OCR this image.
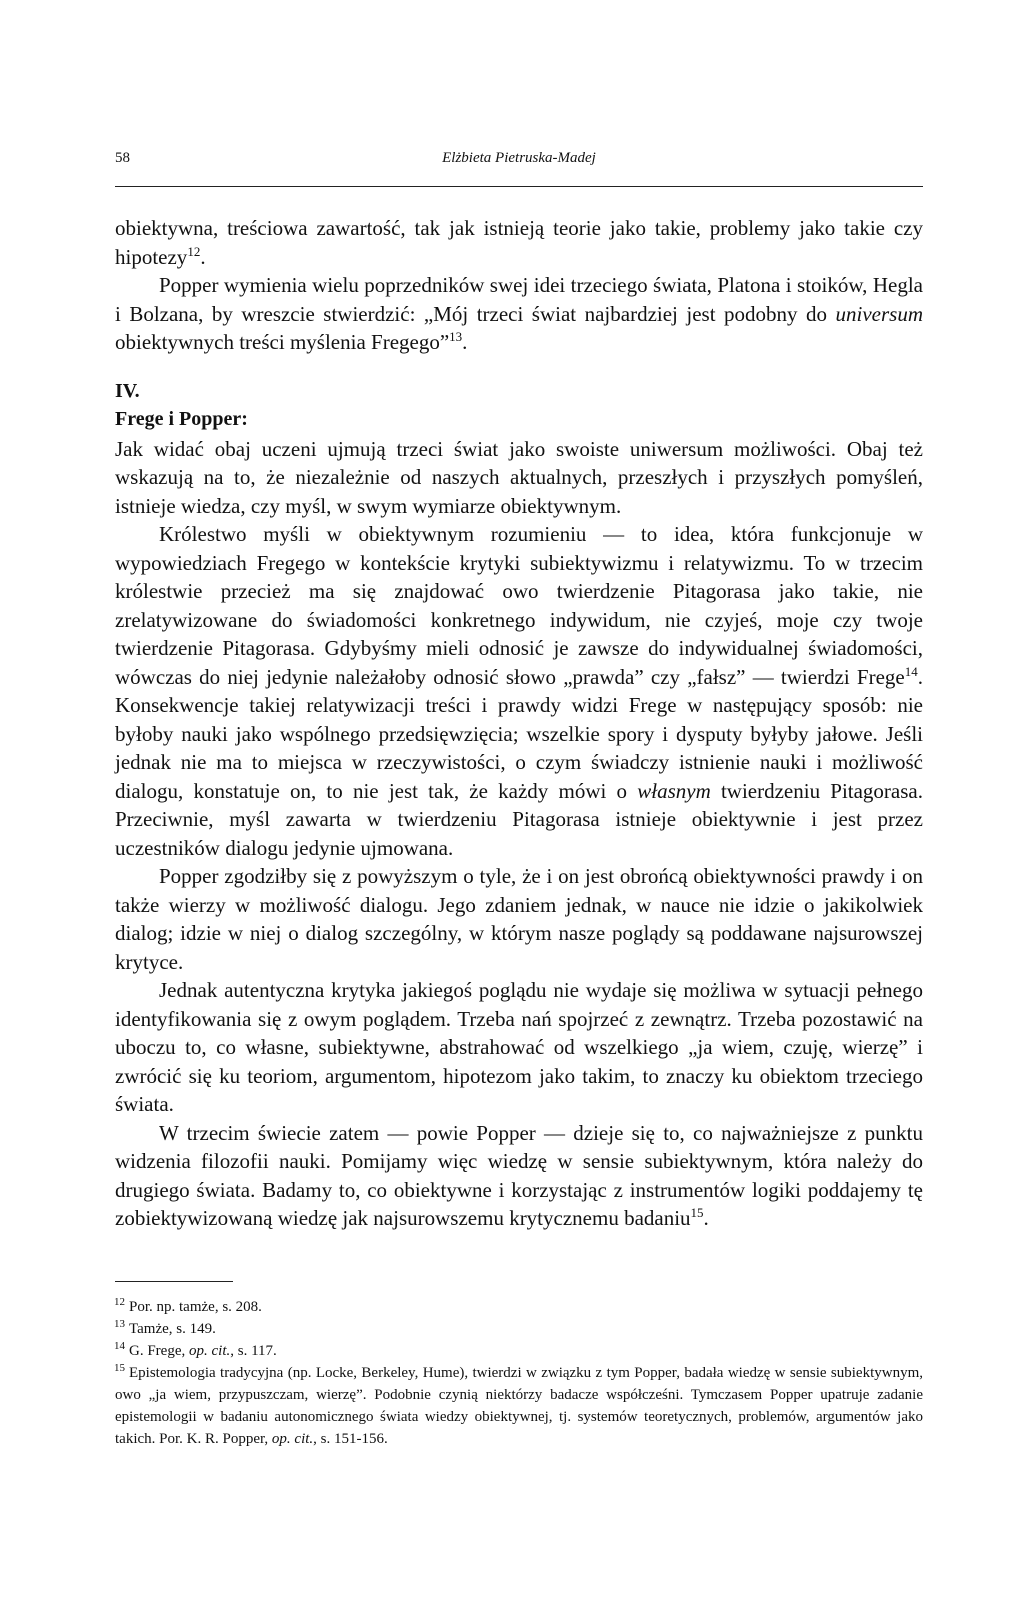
58	Elżbieta Pietruska-Madej

obiektywna, treściowa zawartość, tak jak istnieją teorie jako takie, problemy jako takie czy hipotezy$^{12}$.

Popper wymienia wielu poprzedników swej idei trzeciego świata, Platona i stoików, Hegla i Bolzana, by wreszcie stwierdzić: „Mój trzeci świat najbardziej jest podobny do universum obiektywnych treści myślenia Fregego”$^{13}$.

IV.
Frege i Popper:

Jak widać obaj uczeni ujmują trzeci świat jako swoiste uniwersum możliwości. Obaj też wskazują na to, że niezależnie od naszych aktualnych, przeszłych i przyszłych pomyśleń, istnieje wiedza, czy myśl, w swym wymiarze obiektywnym.

Królestwo myśli w obiektywnym rozumieniu — to idea, która funkcjonuje w wypowiedziach Fregego w kontekście krytyki subiektywizmu i relatywizmu. To w trzecim królestwie przecież ma się znajdować owo twierdzenie Pitagorasa jako takie, nie zrelatywizowane do świadomości konkretnego indywidum, nie czyjeś, moje czy twoje twierdzenie Pitagorasa. Gdybyśmy mieli odnosić je zawsze do indywidualnej świadomości, wówczas do niej jedynie należałoby odnosić słowo „prawda” czy „fałsz” — twierdzi Frege$^{14}$. Konsekwencje takiej relatywizacji treści i prawdy widzi Frege w następujący sposób: nie byłoby nauki jako wspólnego przedsięwzięcia; wszelkie spory i dysputy byłyby jałowe. Jeśli jednak nie ma to miejsca w rzeczywistości, o czym świadczy istnienie nauki i możliwość dialogu, konstatuje on, to nie jest tak, że każdy mówi o własnym twierdzeniu Pitagorasa. Przeciwnie, myśl zawarta w twierdzeniu Pitagorasa istnieje obiektywnie i jest przez uczestników dialogu jedynie ujmowana.

Popper zgodziłby się z powyższym o tyle, że i on jest obrońcą obiektywności prawdy i on także wierzy w możliwość dialogu. Jego zdaniem jednak, w nauce nie idzie o jakikolwiek dialog; idzie w niej o dialog szczególny, w którym nasze poglądy są poddawane najsurowszej krytyce.

Jednak autentyczna krytyka jakiegoś poglądu nie wydaje się możliwa w sytuacji pełnego identyfikowania się z owym poglądem. Trzeba nań spojrzeć z zewnątrz. Trzeba pozostawić na uboczu to, co własne, subiektywne, abstrahować od wszelkiego „ja wiem, czuję, wierzę” i zwrócić się ku teoriom, argumentom, hipotezom jako takim, to znaczy ku obiektom trzeciego świata.

W trzecim świecie zatem — powie Popper — dzieje się to, co najważniejsze z punktu widzenia filozofii nauki. Pomijamy więc wiedzę w sensie subiektywnym, która należy do drugiego świata. Badamy to, co obiektywne i korzystając z instrumentów logiki poddajemy tę zobiektywizowaną wiedzę jak najsurowszemu krytycznemu badaniu$^{15}$.

$^{12}$ Por. np. tamże, s. 208.

$^{13}$ Tamże, s. 149.

$^{14}$ G. Frege, op. cit., s. 117.

$^{15}$ Epistemologia tradycyjna (np. Locke, Berkeley, Hume), twierdzi w związku z tym Popper, badała wiedzę w sensie subiektywnym, owo „ja wiem, przypuszczam, wierzę”. Podobnie czynią niektórzy badacze współcześni. Tymczasem Popper upatruje zadanie epistemologii w badaniu autonomicznego świata wiedzy obiektywnej, tj. systemów teoretycznych, problemów, argumentów jako takich. Por. K. R. Popper, op. cit., s. 151-156.
